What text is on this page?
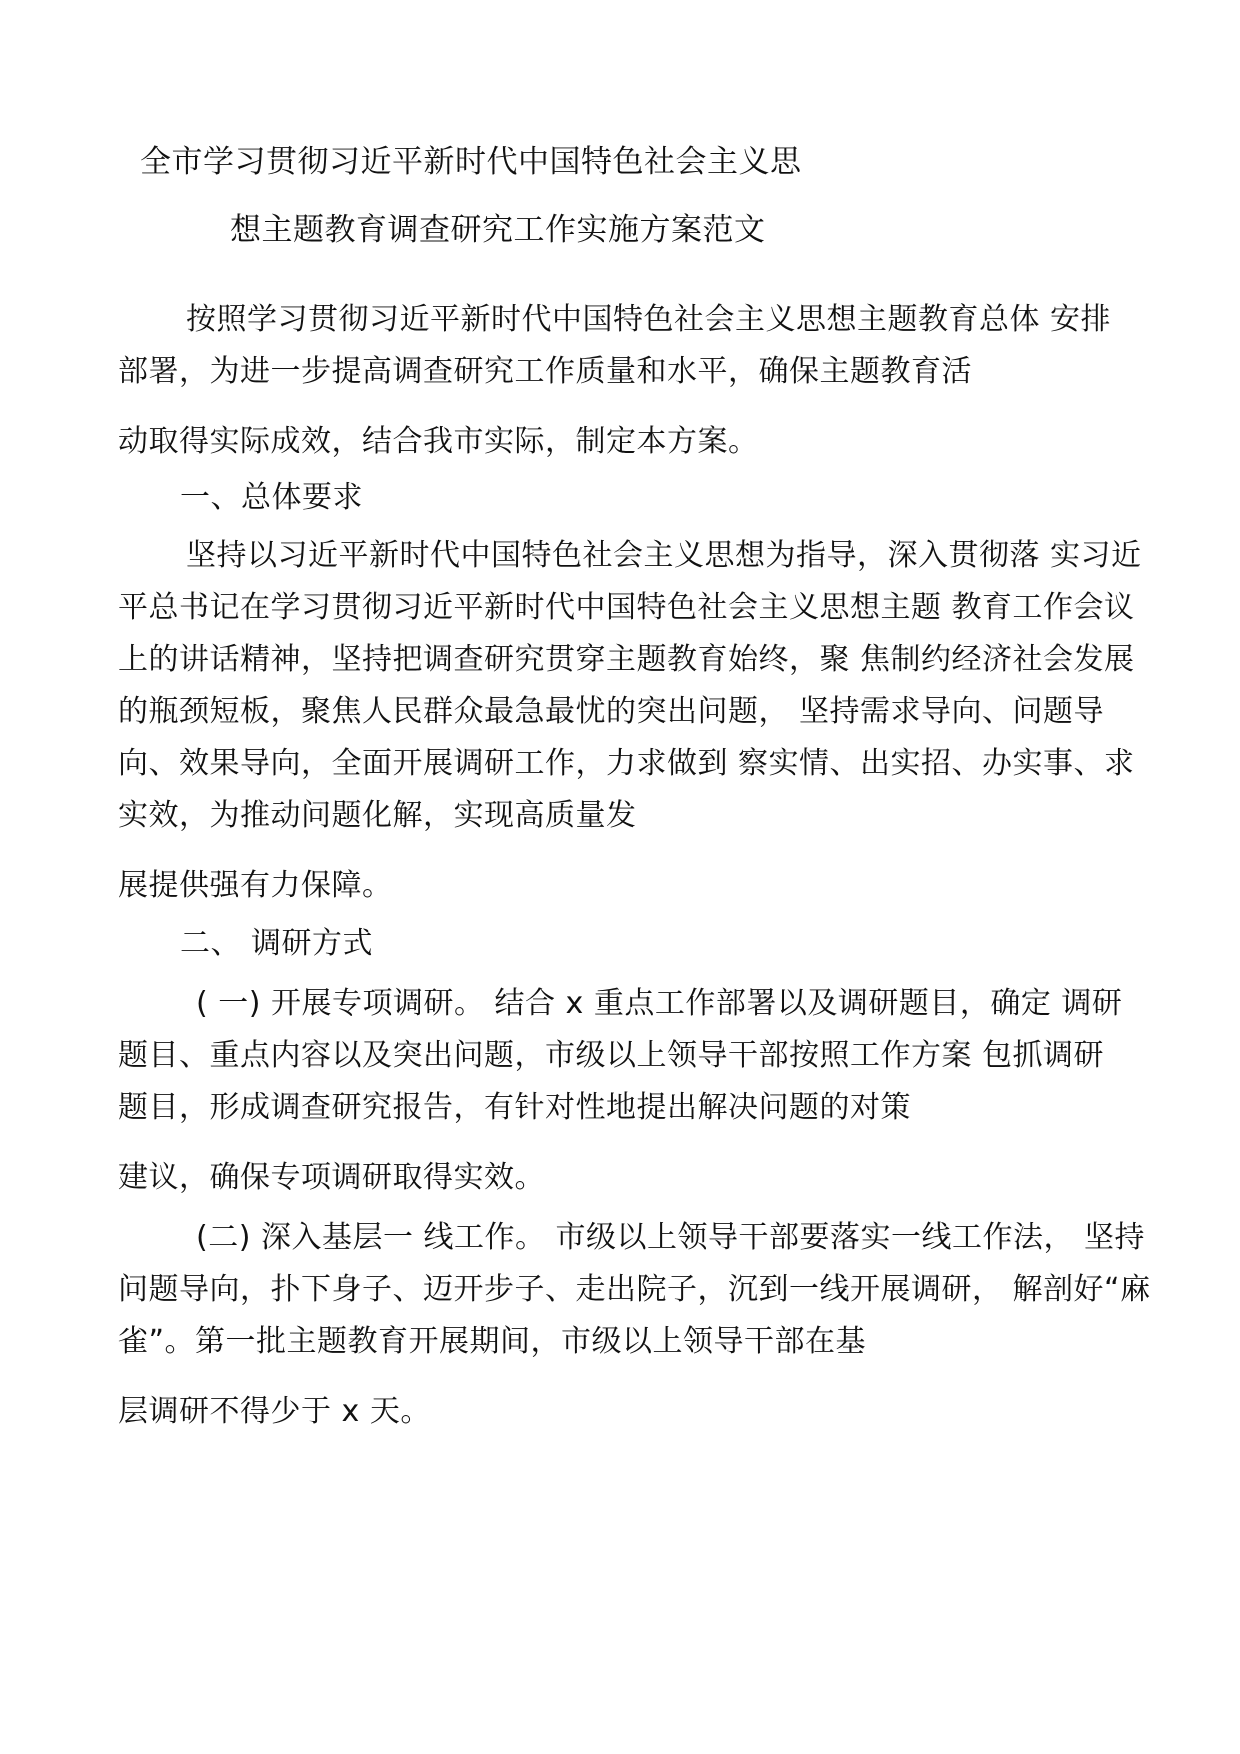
全市学习贯彻习近平新时代中国特色社会主义思
想主题教育调查研究工作实施方案范文
按照学习贯彻习近平新时代中国特色社会主义思想主题教育总体 安排
部署，为进一步提高调查研究工作质量和水平，确保主题教育活
动取得实际成效，结合我市实际，制定本方案。
一、总体要求
坚持以习近平新时代中国特色社会主义思想为指导，深入贯彻落 实习近
平总书记在学习贯彻习近平新时代中国特色社会主义思想主题 教育工作会议
上的讲话精神，坚持把调查研究贯穿主题教育始终，聚 焦制约经济社会发展
的瓶颈短板，聚焦人民群众最急最忧的突出问题， 坚持需求导向、问题导
向、效果导向，全面开展调研工作，力求做到 察实情、出实招、办实事、求
实效，为推动问题化解，实现高质量发
展提供强有力保障。
二、 调研方式
( 一) 开展专项调研。 结合 x 重点工作部署以及调研题目，确定 调研
题目、重点内容以及突出问题，市级以上领导干部按照工作方案 包抓调研
题目，形成调查研究报告，有针对性地提出解决问题的对策
建议，确保专项调研取得实效。
(二) 深入基层一 线工作。 市级以上领导干部要落实一线工作法， 坚持
问题导向，扑下身子、迈开步子、走出院子，沉到一线开展调研， 解剖好“麻
雀”。第一批主题教育开展期间，市级以上领导干部在基
层调研不得少于 x 天。
